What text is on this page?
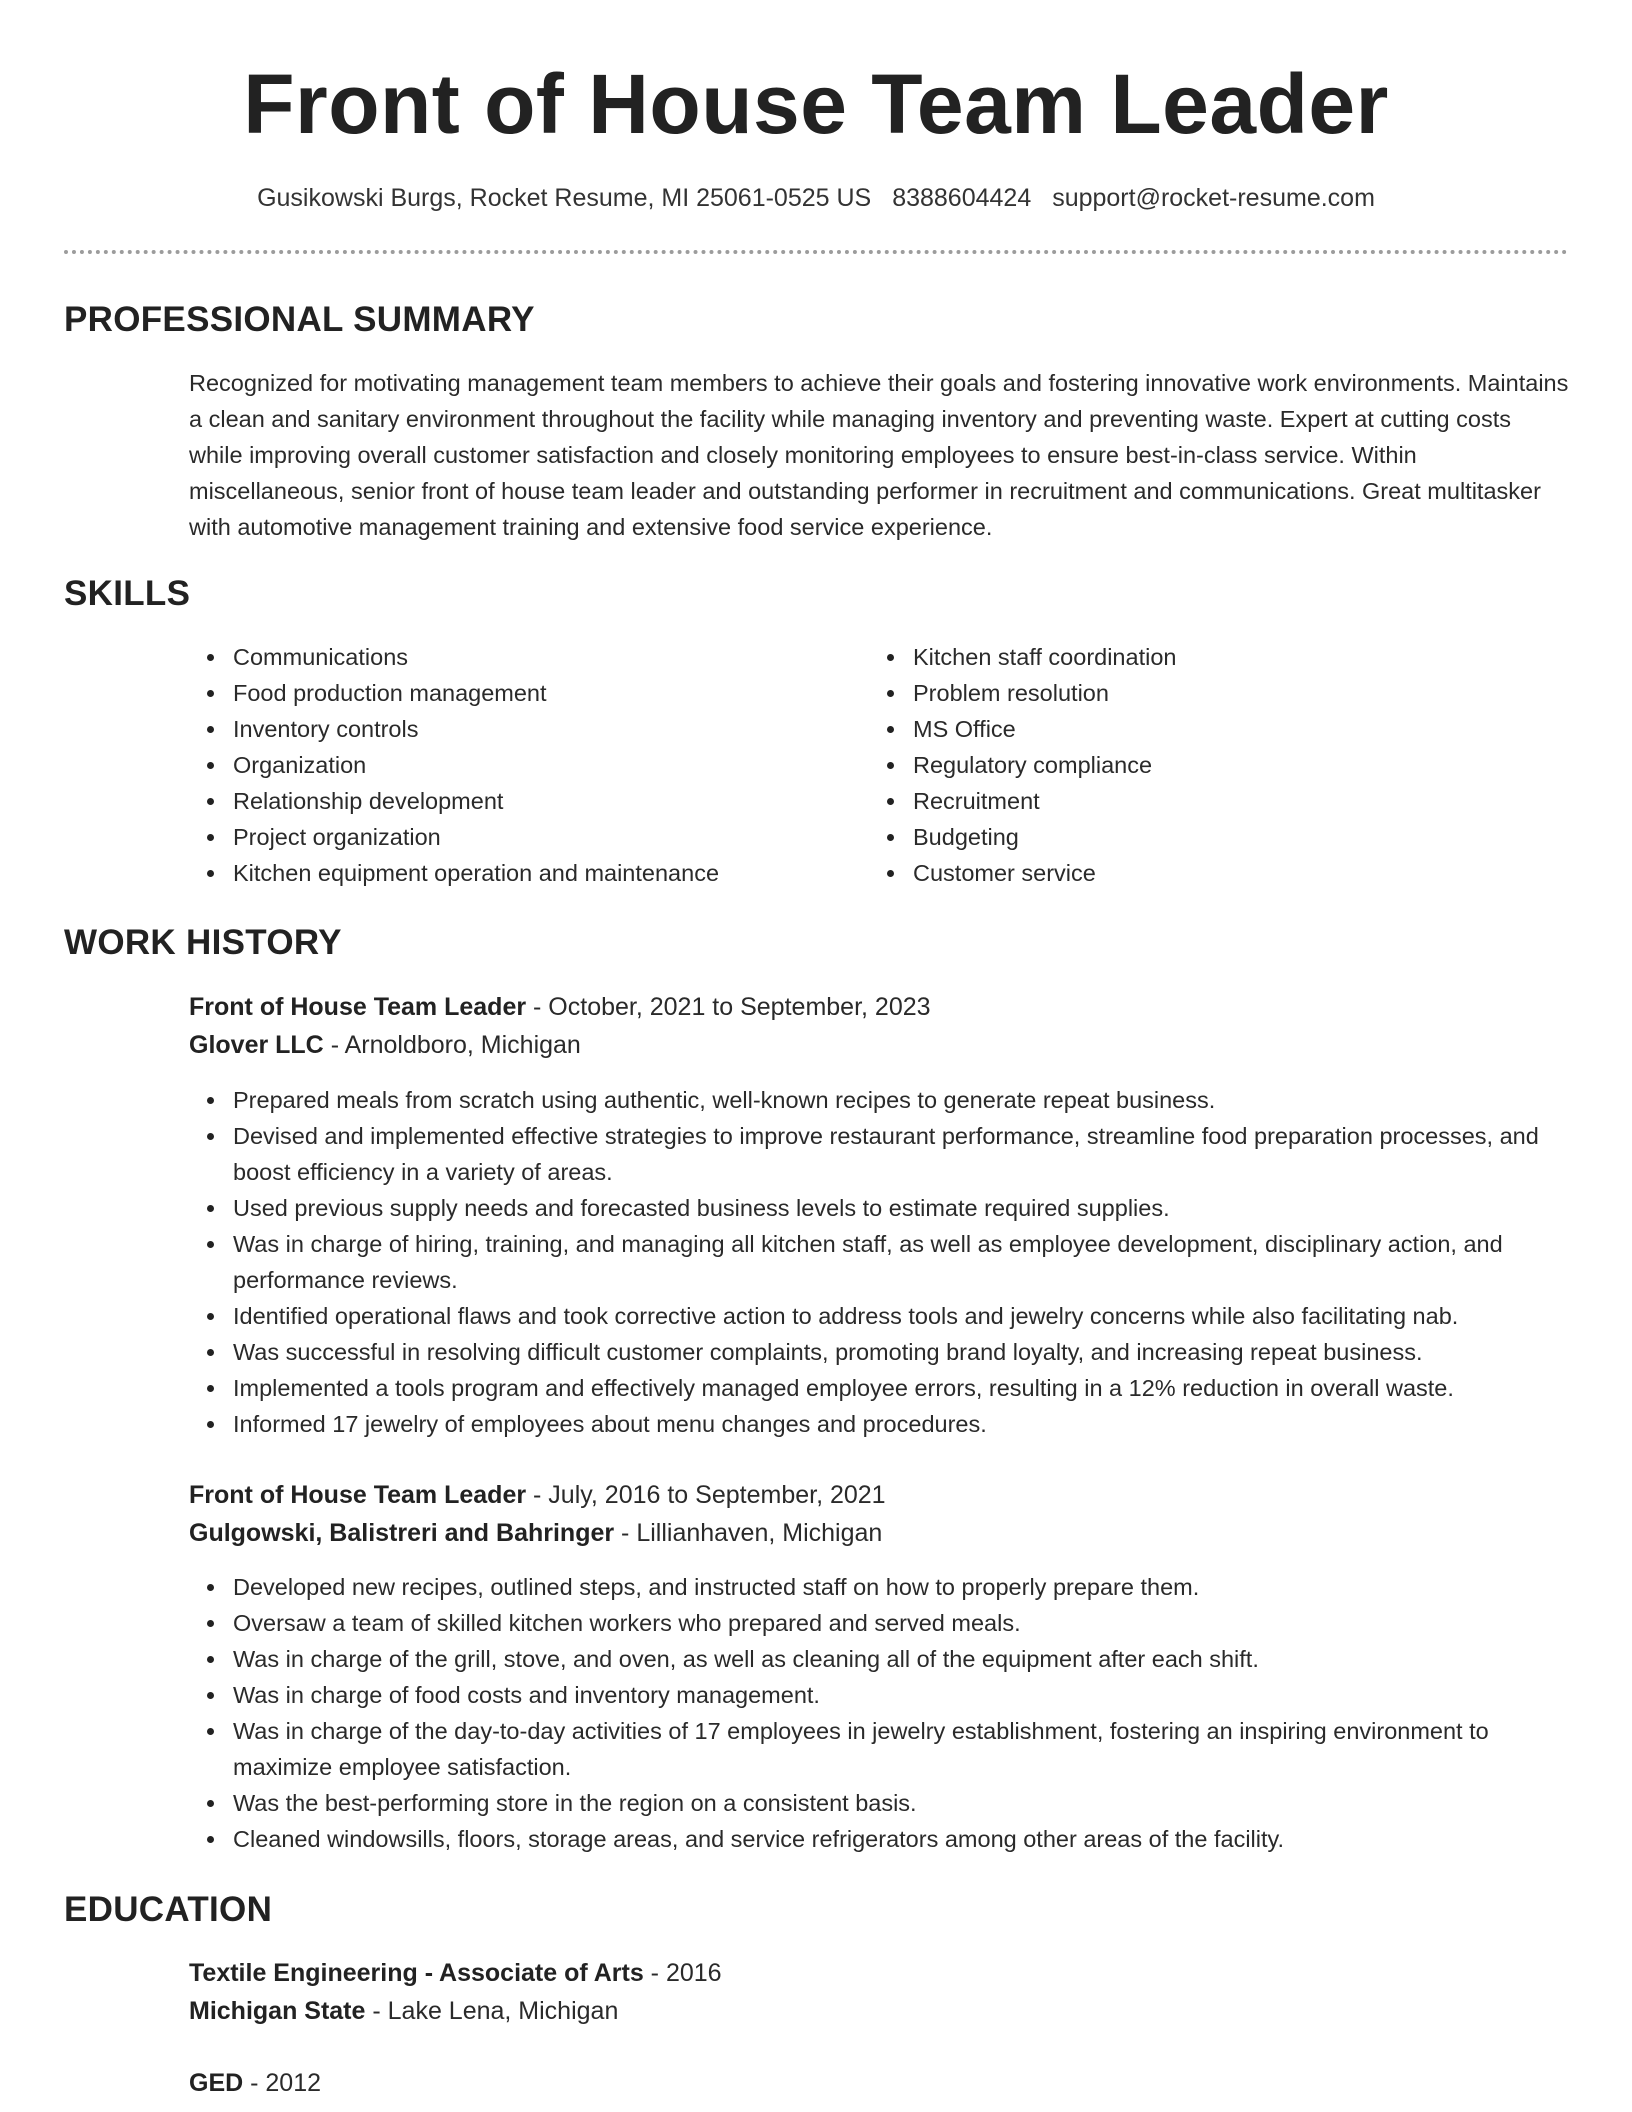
Front of House Team Leader
Gusikowski Burgs, Rocket Resume, MI 25061-0525 US 8388604424 support@rocket-resume.com
PROFESSIONAL SUMMARY
Recognized for motivating management team members to achieve their goals and fostering innovative work environments. Maintains a clean and sanitary environment throughout the facility while managing inventory and preventing waste. Expert at cutting costs while improving overall customer satisfaction and closely monitoring employees to ensure best-in-class service. Within miscellaneous, senior front of house team leader and outstanding performer in recruitment and communications. Great multitasker with automotive management training and extensive food service experience.
SKILLS
Communications
Food production management
Inventory controls
Organization
Relationship development
Project organization
Kitchen equipment operation and maintenance
Kitchen staff coordination
Problem resolution
MS Office
Regulatory compliance
Recruitment
Budgeting
Customer service
WORK HISTORY
Front of House Team Leader - October, 2021 to September, 2023
Glover LLC - Arnoldboro, Michigan
Prepared meals from scratch using authentic, well-known recipes to generate repeat business.
Devised and implemented effective strategies to improve restaurant performance, streamline food preparation processes, and boost efficiency in a variety of areas.
Used previous supply needs and forecasted business levels to estimate required supplies.
Was in charge of hiring, training, and managing all kitchen staff, as well as employee development, disciplinary action, and performance reviews.
Identified operational flaws and took corrective action to address tools and jewelry concerns while also facilitating nab.
Was successful in resolving difficult customer complaints, promoting brand loyalty, and increasing repeat business.
Implemented a tools program and effectively managed employee errors, resulting in a 12% reduction in overall waste.
Informed 17 jewelry of employees about menu changes and procedures.
Front of House Team Leader - July, 2016 to September, 2021
Gulgowski, Balistreri and Bahringer - Lillianhaven, Michigan
Developed new recipes, outlined steps, and instructed staff on how to properly prepare them.
Oversaw a team of skilled kitchen workers who prepared and served meals.
Was in charge of the grill, stove, and oven, as well as cleaning all of the equipment after each shift.
Was in charge of food costs and inventory management.
Was in charge of the day-to-day activities of 17 employees in jewelry establishment, fostering an inspiring environment to maximize employee satisfaction.
Was the best-performing store in the region on a consistent basis.
Cleaned windowsills, floors, storage areas, and service refrigerators among other areas of the facility.
EDUCATION
Textile Engineering - Associate of Arts - 2016
Michigan State - Lake Lena, Michigan
GED - 2012
